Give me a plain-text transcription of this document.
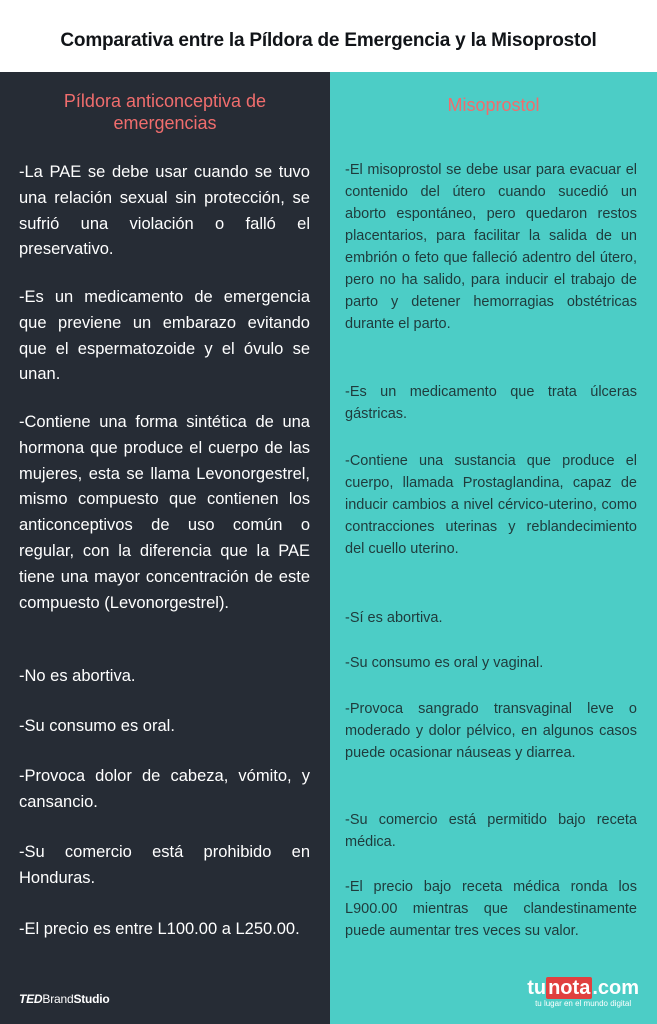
Comparativa entre la Píldora de Emergencia y la Misoprostol
Píldora anticonceptiva de emergencias

-La PAE se debe usar cuando se tuvo una relación sexual sin protección, se sufrió una violación o falló el preservativo.

-Es un medicamento de emergencia que previene un embarazo evitando que el espermatozoide y el óvulo se unan.

-Contiene una forma sintética de una hormona que produce el cuerpo de las mujeres, esta se llama Levonorgestrel, mismo compuesto que contienen los anticonceptivos de uso común o regular, con la diferencia que la PAE tiene una mayor concentración de este compuesto (Levonorgestrel).

-No es abortiva.

-Su consumo es oral.

-Provoca dolor de cabeza, vómito, y cansancio.

-Su comercio está prohibido en Honduras.

-El precio es entre L100.00 a L250.00.

TEDBrandStudio
Misoprostol

-El misoprostol se debe usar para evacuar el contenido del útero cuando sucedió un aborto espontáneo, pero quedaron restos placentarios, para facilitar la salida de un embrión o feto que falleció adentro del útero, pero no ha salido, para inducir el trabajo de parto y detener hemorragias obstétricas durante el parto.

-Es un medicamento que trata úlceras gástricas.

-Contiene una sustancia que produce el cuerpo, llamada Prostaglandina, capaz de inducir cambios a nivel cérvico-uterino, como contracciones uterinas y reblandecimiento del cuello uterino.

-Sí es abortiva.

-Su consumo es oral y vaginal.

-Provoca sangrado transvaginal leve o moderado y dolor pélvico, en algunos casos puede ocasionar náuseas y diarrea.

-Su comercio está permitido bajo receta médica.

-El precio bajo receta médica ronda los L900.00 mientras que clandestinamente puede aumentar tres veces su valor.

tu nota .com
tu lugar en el mundo digital
